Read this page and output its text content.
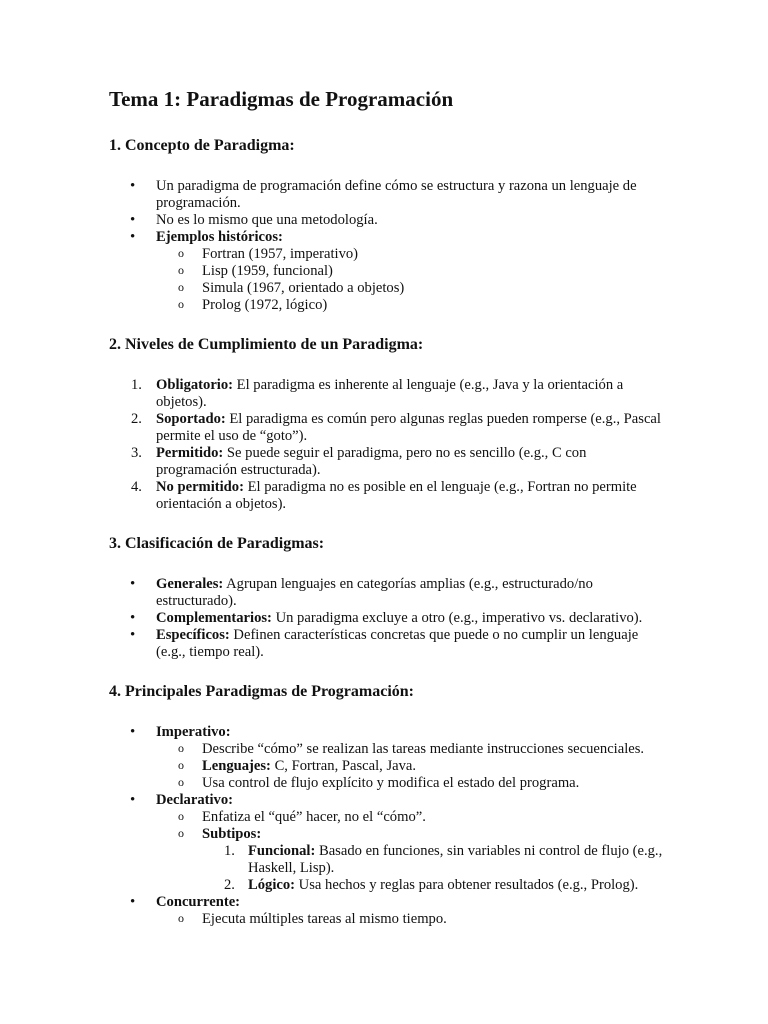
Tema 1: Paradigmas de Programación
1. Concepto de Paradigma:
• Un paradigma de programación define cómo se estructura y razona un lenguaje de programación.
• No es lo mismo que una metodología.
• Ejemplos históricos:
o Fortran (1957, imperativo)
o Lisp (1959, funcional)
o Simula (1967, orientado a objetos)
o Prolog (1972, lógico)
2. Niveles de Cumplimiento de un Paradigma:
1. Obligatorio: El paradigma es inherente al lenguaje (e.g., Java y la orientación a objetos).
2. Soportado: El paradigma es común pero algunas reglas pueden romperse (e.g., Pascal permite el uso de “goto”).
3. Permitido: Se puede seguir el paradigma, pero no es sencillo (e.g., C con programación estructurada).
4. No permitido: El paradigma no es posible en el lenguaje (e.g., Fortran no permite orientación a objetos).
3. Clasificación de Paradigmas:
• Generales: Agrupan lenguajes en categorías amplias (e.g., estructurado/no estructurado).
• Complementarios: Un paradigma excluye a otro (e.g., imperativo vs. declarativo).
• Específicos: Definen características concretas que puede o no cumplir un lenguaje (e.g., tiempo real).
4. Principales Paradigmas de Programación:
• Imperativo:
o Describe “cómo” se realizan las tareas mediante instrucciones secuenciales.
o Lenguajes: C, Fortran, Pascal, Java.
o Usa control de flujo explícito y modifica el estado del programa.
• Declarativo:
o Enfatiza el “qué” hacer, no el “cómo”.
o Subtipos:
1. Funcional: Basado en funciones, sin variables ni control de flujo (e.g., Haskell, Lisp).
2. Lógico: Usa hechos y reglas para obtener resultados (e.g., Prolog).
• Concurrente:
o Ejecuta múltiples tareas al mismo tiempo.
